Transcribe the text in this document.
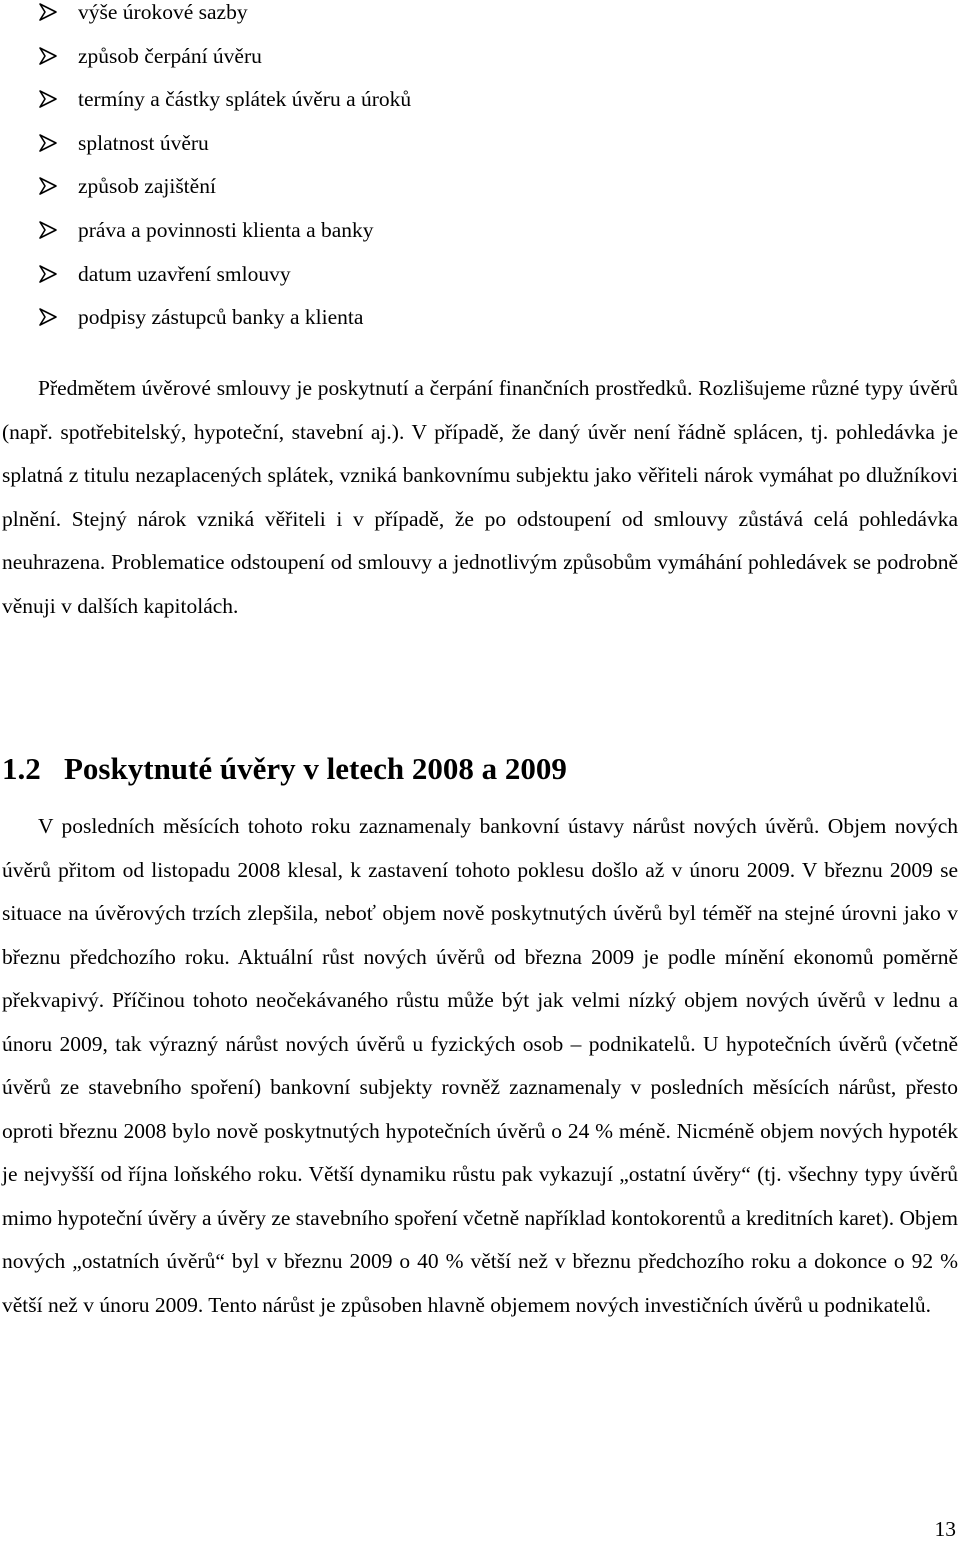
výše úrokové sazby
způsob čerpání úvěru
termíny a částky splátek úvěru a úroků
splatnost úvěru
způsob zajištění
práva a povinnosti klienta a banky
datum uzavření smlouvy
podpisy zástupců banky a klienta

Předmětem úvěrové smlouvy je poskytnutí a čerpání finančních prostředků. Rozlišujeme různé typy úvěrů (např. spotřebitelský, hypoteční, stavební aj.). V případě, že daný úvěr není řádně splácen, tj. pohledávka je splatná z titulu nezaplacených splátek, vzniká bankovnímu subjektu jako věřiteli nárok vymáhat po dlužníkovi plnění. Stejný nárok vzniká věřiteli i v případě, že po odstoupení od smlouvy zůstává celá pohledávka neuhrazena. Problematice odstoupení od smlouvy a jednotlivým způsobům vymáhání pohledávek se podrobně věnuji v dalších kapitolách.

1.2 Poskytnuté úvěry v letech 2008 a 2009

V posledních měsících tohoto roku zaznamenaly bankovní ústavy nárůst nových úvěrů. Objem nových úvěrů přitom od listopadu 2008 klesal, k zastavení tohoto poklesu došlo až v únoru 2009. V březnu 2009 se situace na úvěrových trzích zlepšila, neboť objem nově poskytnutých úvěrů byl téměř na stejné úrovni jako v březnu předchozího roku. Aktuální růst nových úvěrů od března 2009 je podle mínění ekonomů poměrně překvapivý. Příčinou tohoto neočekávaného růstu může být jak velmi nízký objem nových úvěrů v lednu a únoru 2009, tak výrazný nárůst nových úvěrů u fyzických osob – podnikatelů. U hypotečních úvěrů (včetně úvěrů ze stavebního spoření) bankovní subjekty rovněž zaznamenaly v posledních měsících nárůst, přesto oproti březnu 2008 bylo nově poskytnutých hypotečních úvěrů o 24 % méně. Nicméně objem nových hypoték je nejvyšší od října loňského roku. Větší dynamiku růstu pak vykazují „ostatní úvěry“ (tj. všechny typy úvěrů mimo hypoteční úvěry a úvěry ze stavebního spoření včetně například kontokorentů a kreditních karet). Objem nových „ostatních úvěrů“ byl v březnu 2009 o 40 % větší než v březnu předchozího roku a dokonce o 92 % větší než v únoru 2009. Tento nárůst je způsoben hlavně objemem nových investičních úvěrů u podnikatelů.

13
